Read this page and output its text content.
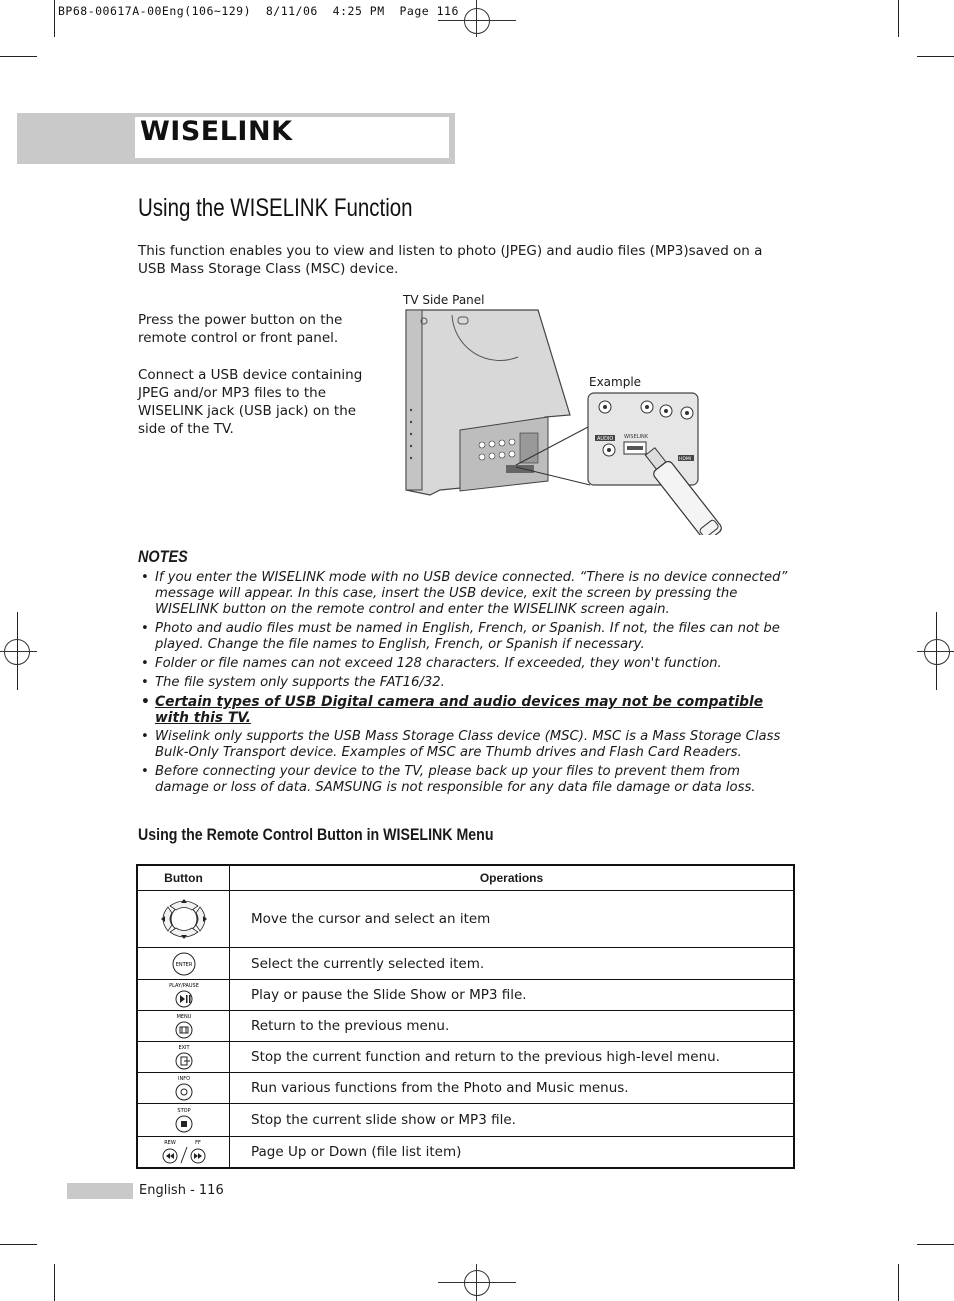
BP68-00617A-00Eng(106~129)  8/11/06  4:25 PM  Page 116
WISELINK
Using the WISELINK Function
This function enables you to view and listen to photo (JPEG) and audio files (MP3)saved on a USB Mass Storage Class (MSC) device.
Press the power button on the remote control or front panel.
Connect a USB device containing JPEG and/or MP3 files to the WISELINK jack (USB jack) on the side of the TV.
TV Side Panel
Example
AUDIO WISELINK
HDMI
NOTES
• If you enter the WISELINK mode with no USB device connected. “There is no device connected” message will appear. In this case, insert the USB device, exit the screen by pressing the WISELINK button on the remote control and enter the WISELINK screen again.
• Photo and audio files must be named in English, French, or Spanish. If not, the files can not be played. Change the file names to English, French, or Spanish if necessary.
• Folder or file names can not exceed 128 characters. If exceeded, they won't function.
• The file system only supports the FAT16/32.
• Certain types of USB Digital camera and audio devices may not be compatible with this TV.
• Wiselink only supports the USB Mass Storage Class device (MSC). MSC is a Mass Storage Class Bulk-Only Transport device. Examples of MSC are Thumb drives and Flash Card Readers.
• Before connecting your device to the TV, please back up your files to prevent them from damage or loss of data. SAMSUNG is not responsible for any data file damage or data loss.
Using the Remote Control Button in WISELINK Menu
Button	Operations
	Move the cursor and select an item

ENTER	Select the currently selected item.

PLAY/PAUSE	Play or pause the Slide Show or MP3 file.

MENU	Return to the previous menu.

EXIT	Stop the current function and return to the previous high-level menu.

INFO	Run various functions from the Photo and Music menus.

STOP	Stop the current slide show or MP3 file.

REW FF	Page Up or Down (file list item)
English - 116
